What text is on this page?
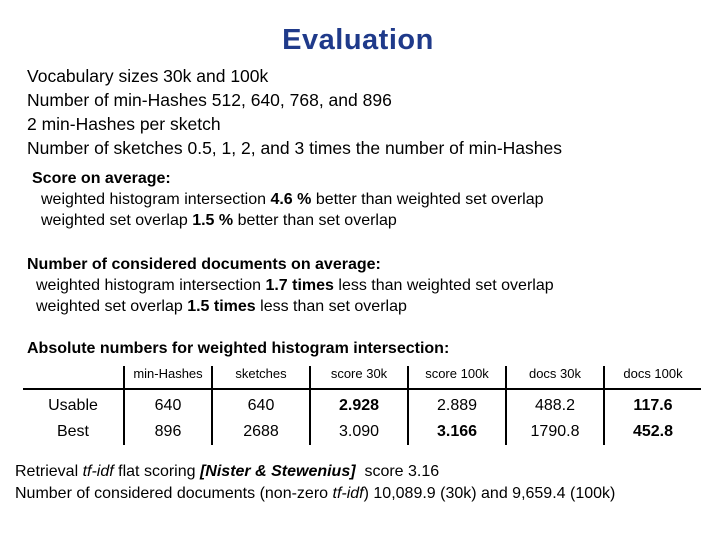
Evaluation
Vocabulary sizes 30k and 100k
Number of min-Hashes 512, 640, 768, and 896
2 min-Hashes per sketch
Number of sketches 0.5, 1, 2, and 3 times the number of min-Hashes
Score on average:
weighted histogram intersection 4.6 % better than weighted set overlap
weighted set overlap 1.5 % better than set overlap
Number of considered documents on average:
weighted histogram intersection 1.7 times less than weighted set overlap
weighted set overlap 1.5 times less than set overlap
Absolute numbers for weighted histogram intersection:
	min-Hashes	sketches	score 30k	score 100k	docs 30k	docs 100k
Usable	640	640	2.928	2.889	488.2	117.6
Best	896	2688	3.090	3.166	1790.8	452.8
Retrieval tf-idf flat scoring [Nister & Stewenius]  score 3.16
Number of considered documents (non-zero tf-idf) 10,089.9 (30k) and 9,659.4 (100k)
